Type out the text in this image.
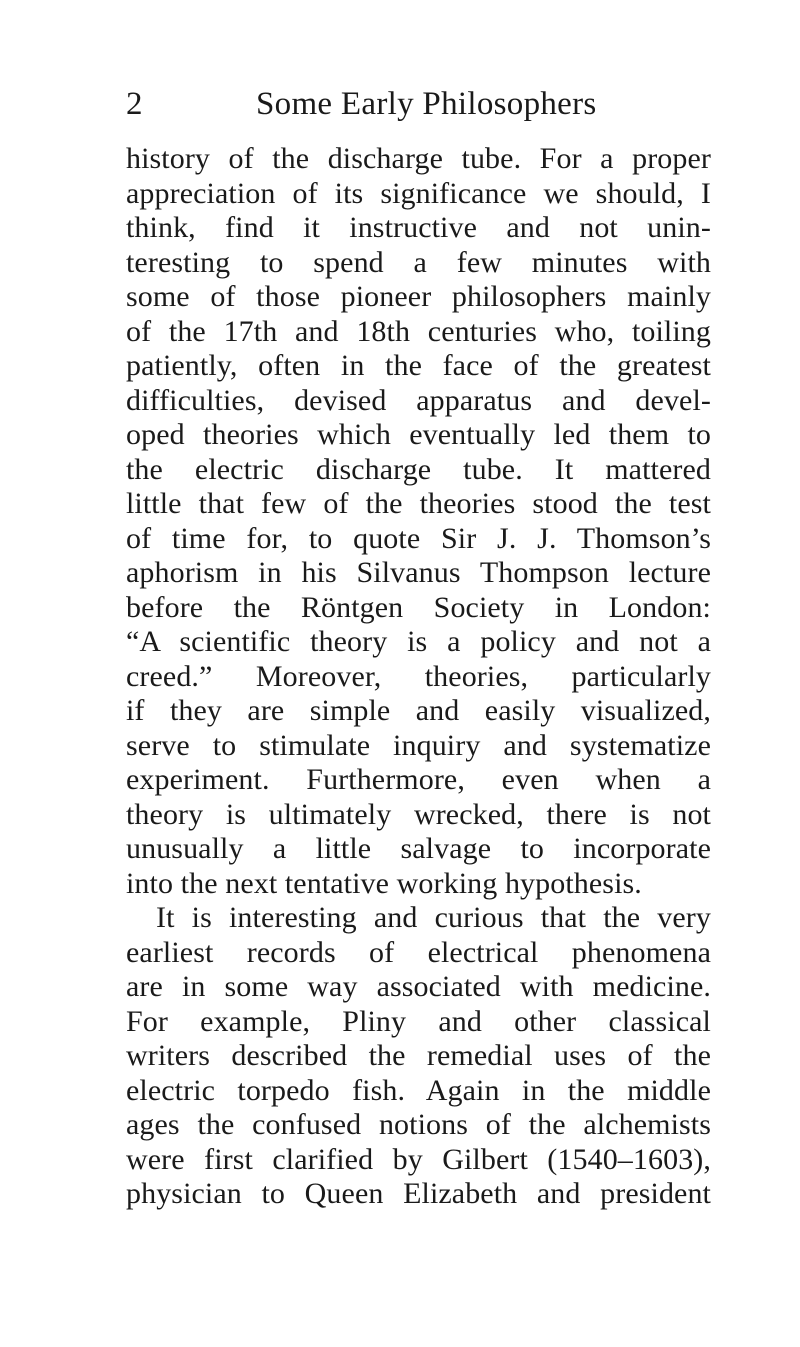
2	Some Early Philosophers
history of the discharge tube. For a proper
appreciation of its significance we should, I
think, find it instructive and not unin-
teresting to spend a few minutes with
some of those pioneer philosophers mainly
of the 17th and 18th centuries who, toiling
patiently, often in the face of the greatest
difficulties, devised apparatus and devel-
oped theories which eventually led them to
the electric discharge tube. It mattered
little that few of the theories stood the test
of time for, to quote Sir J. J. Thomson’s
aphorism in his Silvanus Thompson lecture
before the Röntgen Society in London:
“A scientific theory is a policy and not a
creed.” Moreover, theories, particularly
if they are simple and easily visualized,
serve to stimulate inquiry and systematize
experiment. Furthermore, even when a
theory is ultimately wrecked, there is not
unusually a little salvage to incorporate
into the next tentative working hypothesis.
It is interesting and curious that the very
earliest records of electrical phenomena
are in some way associated with medicine.
For example, Pliny and other classical
writers described the remedial uses of the
electric torpedo fish. Again in the middle
ages the confused notions of the alchemists
were first clarified by Gilbert (1540–1603),
physician to Queen Elizabeth and president
